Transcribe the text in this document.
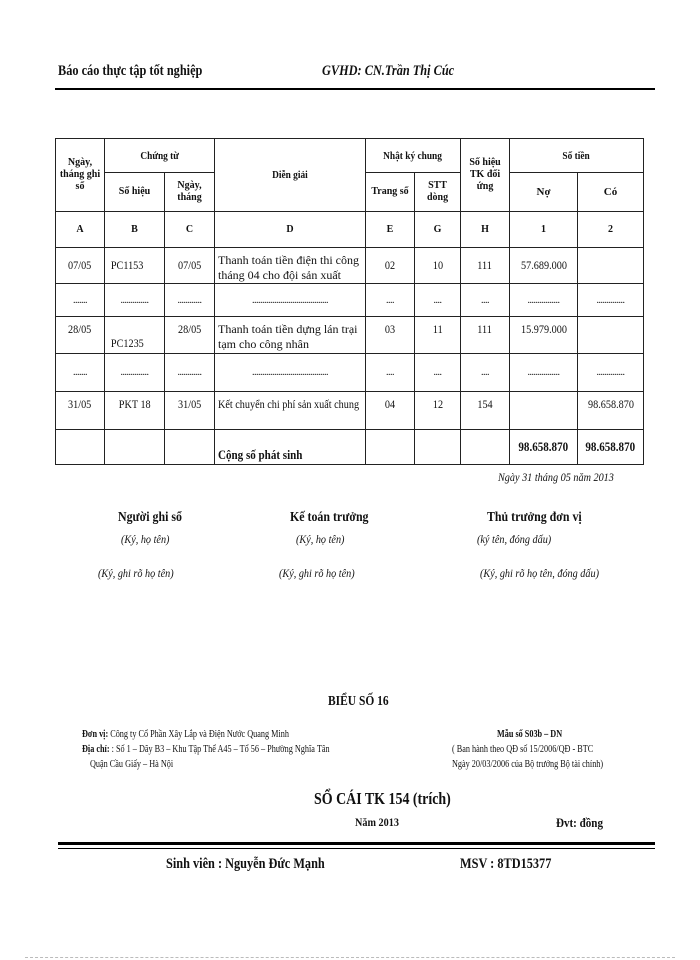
Báo cáo thực tập tốt nghiệp	GVHD: CN.Trần Thị Cúc
Ngày, tháng ghi sổ	Chứng từ		Diễn giải	Nhật ký chung		Số hiệu TK đối ứng	Số tiền	
	Số hiệu	Ngày, tháng		Trang số	STT dòng		Nợ	Có
A	B	C	D	E	G	H	1	2
07/05	PC1153	07/05	Thanh toán tiền điện thi công tháng 04 cho đội sản xuất	02	10	111	57.689.000	
.......	..............	............	......................................	....	....	....	................	..............
28/05	PC1235	28/05	Thanh toán tiền dựng lán trại tạm cho công nhân	03	11	111	15.979.000	
.......	..............	............	......................................	....	....	....	................	..............
31/05	PKT 18	31/05	Kết chuyển chi phí sản xuất chung	04	12	154		98.658.870
			Cộng số phát sinh				98.658.870	98.658.870
Ngày 31 tháng 05 năm 2013
Người ghi sổ
(Ký, họ tên)
(Ký, ghi rõ họ tên)
Kế toán trưởng
(Ký, họ tên)
(Ký, ghi rõ họ tên)
Thủ trưởng đơn vị
(ký tên, đóng dấu)
(Ký, ghi rõ họ tên, đóng dấu)
BIỂU SỐ 16
Đơn vị: Công ty Cổ Phần Xây Lắp và Điện Nước Quang Minh
Địa chỉ: : Số 1 – Dãy B3 – Khu Tập Thể A45 – Tổ 56 – Phường Nghĩa Tân
Quận Cầu Giấy – Hà Nội
Mẫu số S03b – DN
( Ban hành theo QĐ số 15/2006/QĐ - BTC
Ngày 20/03/2006 của Bộ trưởng Bộ tài chính)
SỔ CÁI TK 154 (trích)
Năm 2013	Đvt: đồng
Sinh viên : Nguyễn Đức Mạnh	MSV : 8TD15377
